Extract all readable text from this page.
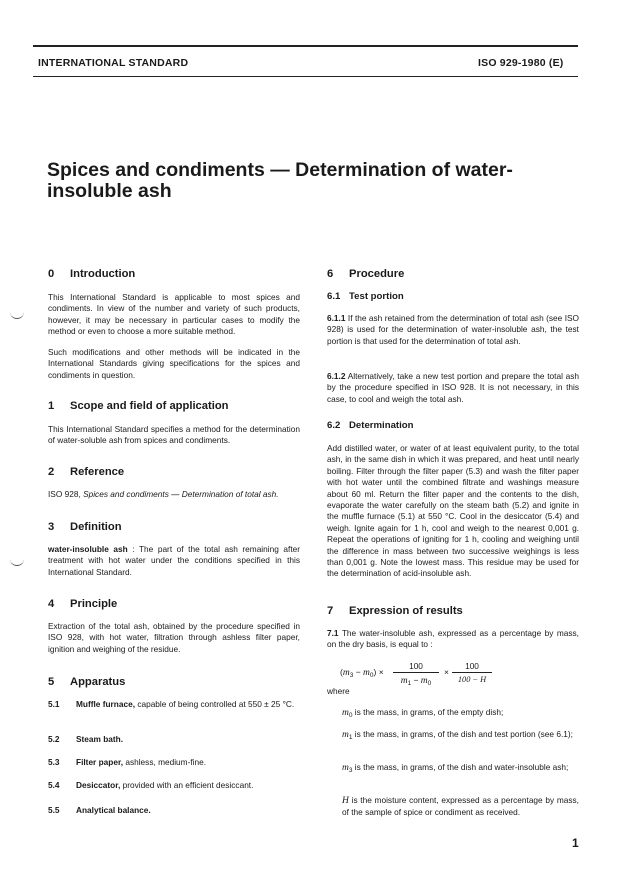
INTERNATIONAL STANDARD	ISO 929-1980 (E)
Spices and condiments — Determination of water-
insoluble ash
0 Introduction
This International Standard is applicable to most spices and condiments. In view of the number and variety of such products, however, it may be necessary in particular cases to modify the method or even to choose a more suitable method.
Such modifications and other methods will be indicated in the International Standards giving specifications for the spices and condiments in question.
1 Scope and field of application
This International Standard specifies a method for the determination of water-soluble ash from spices and condiments.
2 Reference
ISO 928, Spices and condiments — Determination of total ash.
3 Definition
water-insoluble ash : The part of the total ash remaining after treatment with hot water under the conditions specified in this International Standard.
4 Principle
Extraction of the total ash, obtained by the procedure specified in ISO 928, with hot water, filtration through ashless filter paper, ignition and weighing of the residue.
5 Apparatus
5.1 Muffle furnace, capable of being controlled at 550 ± 25 °C.
5.2 Steam bath.
5.3 Filter paper, ashless, medium-fine.
5.4 Desiccator, provided with an efficient desiccant.
5.5 Analytical balance.
6 Procedure
6.1 Test portion
6.1.1 If the ash retained from the determination of total ash (see ISO 928) is used for the determination of water-insoluble ash, the test portion is that used for the determination of total ash.
6.1.2 Alternatively, take a new test portion and prepare the total ash by the procedure specified in ISO 928. It is not necessary, in this case, to cool and weigh the total ash.
6.2 Determination
Add distilled water, or water of at least equivalent purity, to the total ash, in the same dish in which it was prepared, and heat until nearly boiling. Filter through the filter paper (5.3) and wash the filter paper with hot water until the combined filtrate and washings measure about 60 ml. Return the filter paper and the contents to the dish, evaporate the water carefully on the steam bath (5.2) and ignite in the muffle furnace (5.1) at 550 °C. Cool in the desiccator (5.4) and weigh. Ignite again for 1 h, cool and weigh to the nearest 0,001 g. Repeat the operations of igniting for 1 h, cooling and weighing until the difference in mass between two successive weighings is less than 0,001 g. Note the lowest mass. This residue may be used for the determination of acid-insoluble ash.
7 Expression of results
7.1 The water-insoluble ash, expressed as a percentage by mass, on the dry basis, is equal to :
$(m_3 - m_0)$ ×
100
$m_1 - m_0$
×
100
100 − H
where
$m_0$ is the mass, in grams, of the empty dish;
$m_1$ is the mass, in grams, of the dish and test portion (see 6.1);
$m_3$ is the mass, in grams, of the dish and water-insoluble ash;
H is the moisture content, expressed as a percentage by mass, of the sample of spice or condiment as received.
1
